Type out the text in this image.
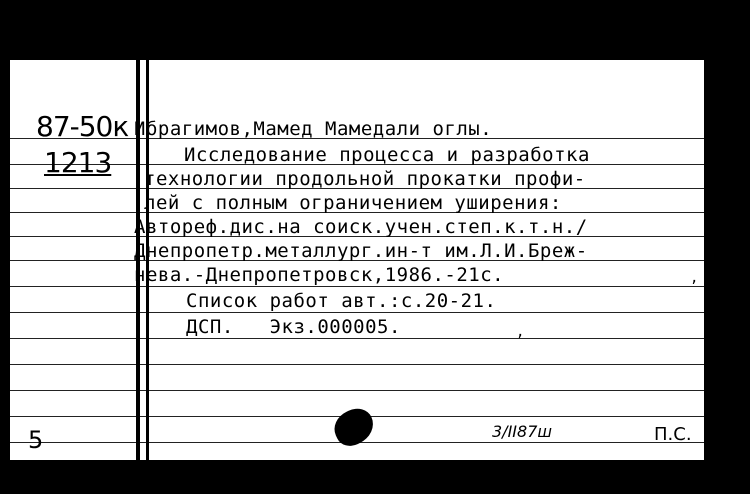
87-50к
1213
Ибрагимов,Мамед Мамедали оглы.
Исследование процесса и разработка
технологии продольной прокатки профи-
лей с полным ограничением уширения:
Автореф.дис.на соиск.учен.степ.к.т.н./
Днепропетр.металлург.ин-т им.Л.И.Бреж-
нева.-Днепропетровск,1986.-21с.
Список работ авт.:с.20-21.
ДСП.   Экз.000005.
,
,
5	3/ІІ87ш	П.С.
